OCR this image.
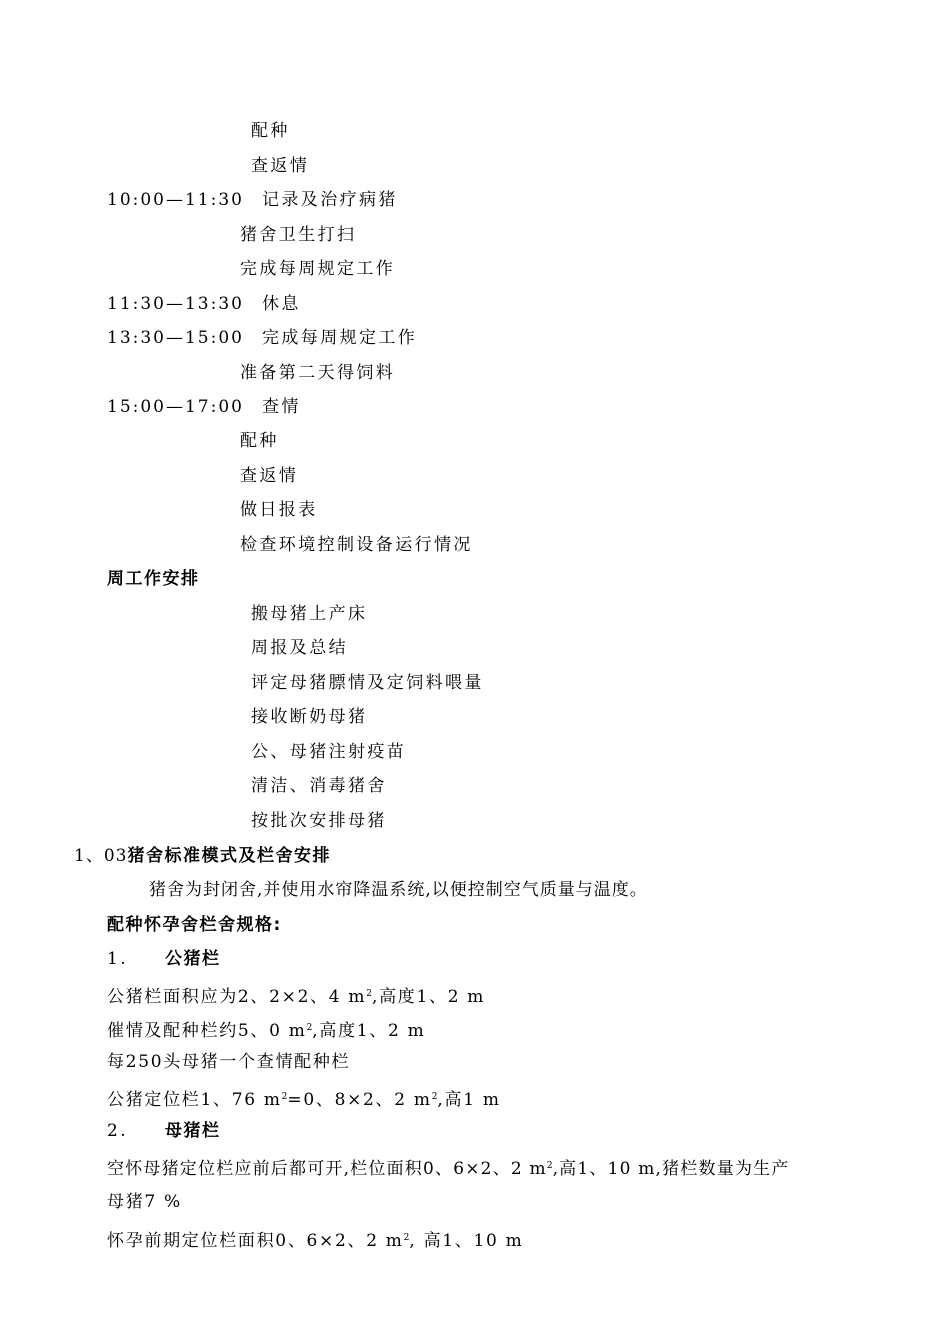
配种
查返情
10:00—11:30 记录及治疗病猪
猪舍卫生打扫
完成每周规定工作
11:30—13:30 休息
13:30—15:00 完成每周规定工作
准备第二天得饲料
15:00—17:00 查情
配种
查返情
做日报表
检查环境控制设备运行情况
周工作安排
搬母猪上产床
周报及总结
评定母猪膘情及定饲料喂量
接收断奶母猪
公、母猪注射疫苗
清洁、消毒猪舍
按批次安排母猪
1、03猪舍标准模式及栏舍安排
猪舍为封闭舍,并使用水帘降温系统,以便控制空气质量与温度。
配种怀孕舍栏舍规格:
1. 公猪栏
公猪栏面积应为2、2×2、4 $m^2$,高度1、2 m
催情及配种栏约5、0 $m^2$,高度1、2 m
每250头母猪一个查情配种栏
公猪定位栏1、76 $m^2=0$、8×2、2 $m^2$,高1 m
2. 母猪栏
空怀母猪定位栏应前后都可开,栏位面积0、6×2、2 $m^2$,高1、10 m,猪栏数量为生产
母猪7 %
怀孕前期定位栏面积0、6×2、2 $m^2$, 高1、10 m
